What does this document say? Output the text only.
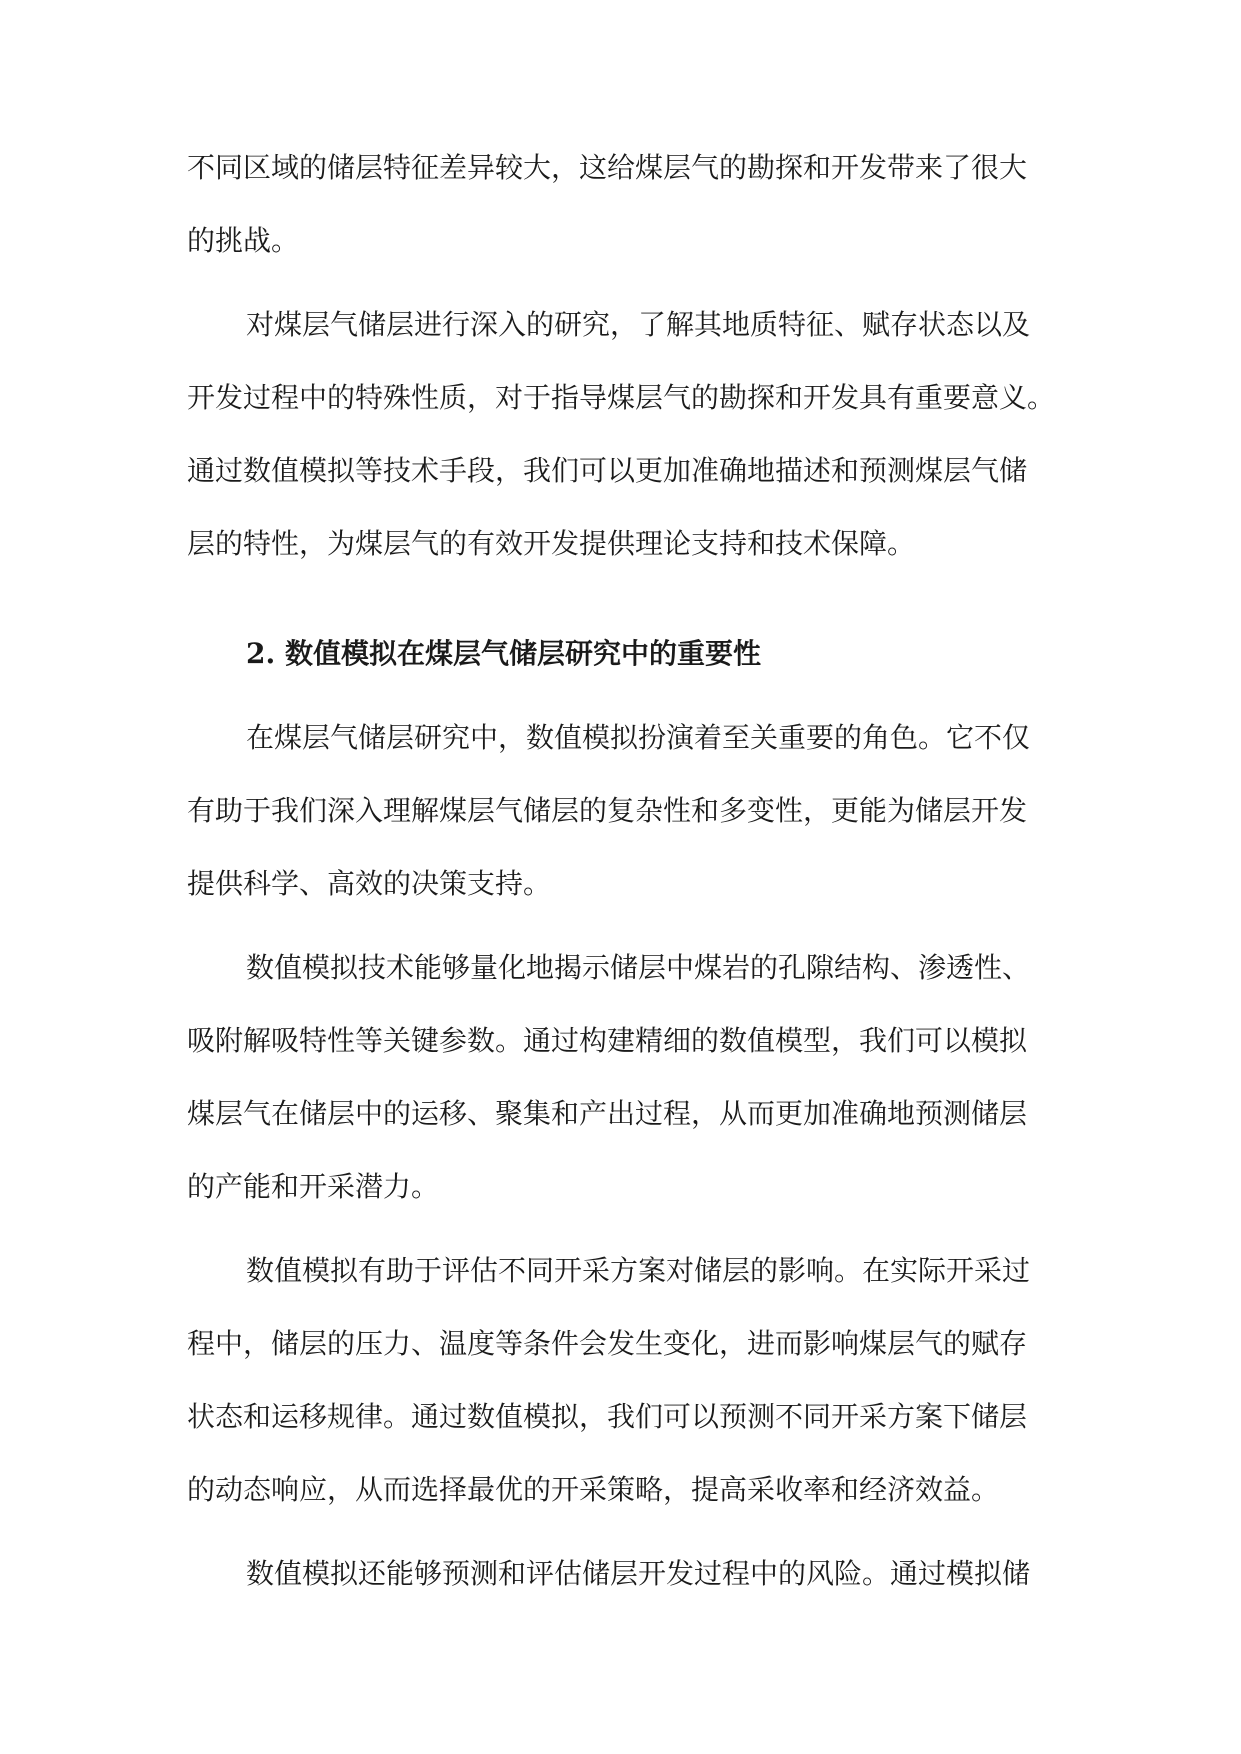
不同区域的储层特征差异较大，这给煤层气的勘探和开发带来了很大
的挑战。
对煤层气储层进行深入的研究，了解其地质特征、赋存状态以及
开发过程中的特殊性质，对于指导煤层气的勘探和开发具有重要意义。
通过数值模拟等技术手段，我们可以更加准确地描述和预测煤层气储
层的特性，为煤层气的有效开发提供理论支持和技术保障。
2. 数值模拟在煤层气储层研究中的重要性
在煤层气储层研究中，数值模拟扮演着至关重要的角色。它不仅
有助于我们深入理解煤层气储层的复杂性和多变性，更能为储层开发
提供科学、高效的决策支持。
数值模拟技术能够量化地揭示储层中煤岩的孔隙结构、渗透性、
吸附解吸特性等关键参数。通过构建精细的数值模型，我们可以模拟
煤层气在储层中的运移、聚集和产出过程，从而更加准确地预测储层
的产能和开采潜力。
数值模拟有助于评估不同开采方案对储层的影响。在实际开采过
程中，储层的压力、温度等条件会发生变化，进而影响煤层气的赋存
状态和运移规律。通过数值模拟，我们可以预测不同开采方案下储层
的动态响应，从而选择最优的开采策略，提高采收率和经济效益。
数值模拟还能够预测和评估储层开发过程中的风险。通过模拟储
